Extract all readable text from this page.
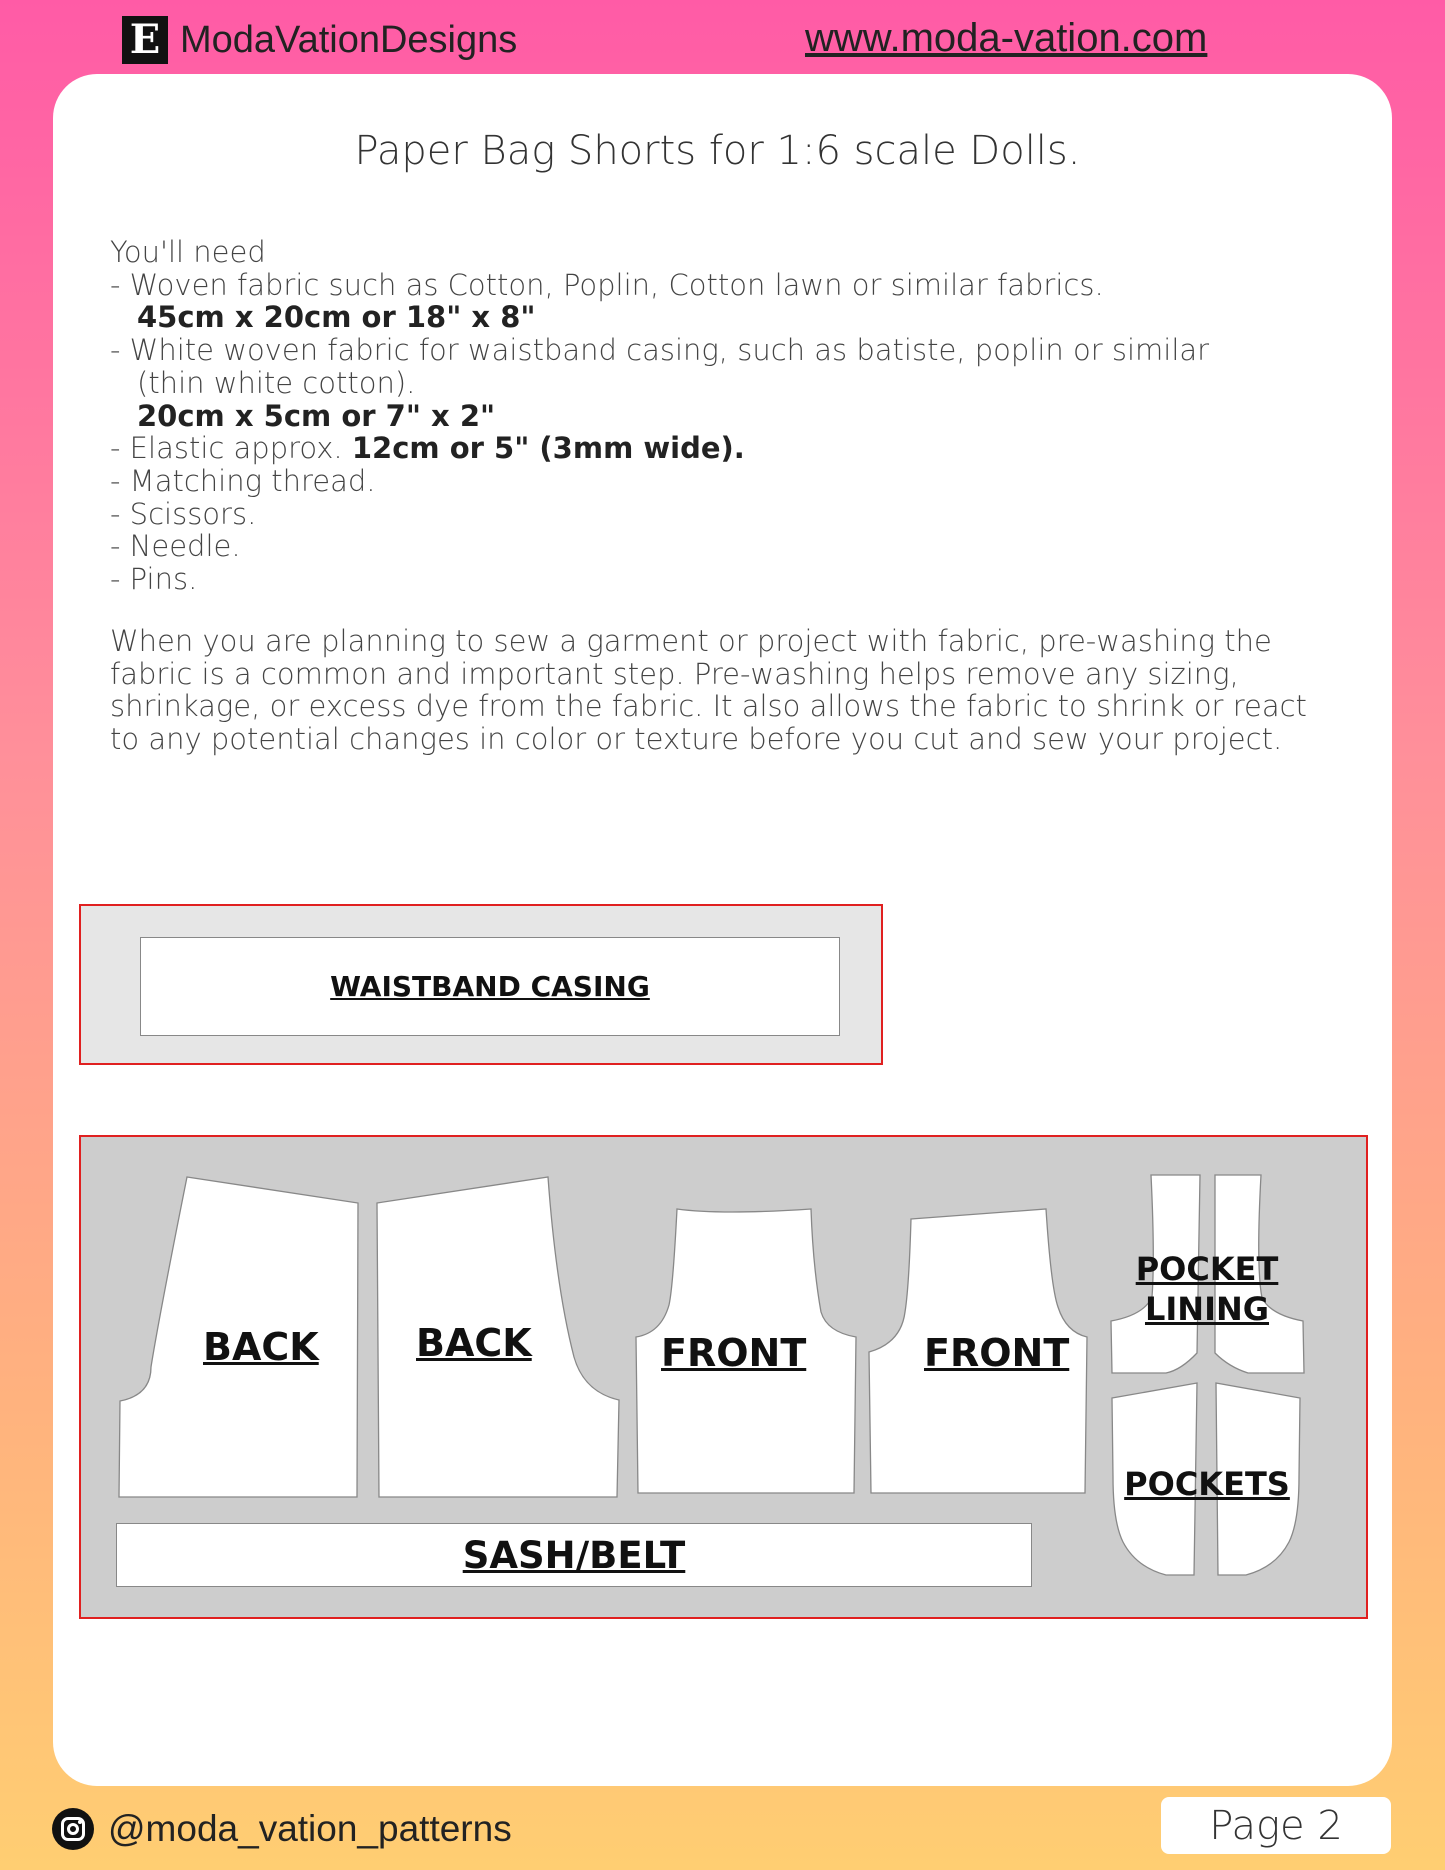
E ModaVationDesigns	www.moda-vation.com
Paper Bag Shorts for 1:6 scale Dolls.
You'll need
- Woven fabric such as Cotton, Poplin, Cotton lawn or similar fabrics.
45cm x 20cm or 18" x 8"
- White woven fabric for waistband casing, such as batiste, poplin or similar
(thin white cotton).
20cm x 5cm or 7" x 2"
- Elastic approx. 12cm or 5" (3mm wide).
- Matching thread.
- Scissors.
- Needle.
- Pins.
When you are planning to sew a garment or project with fabric, pre-washing the
fabric is a common and important step. Pre-washing helps remove any sizing,
shrinkage, or excess dye from the fabric. It also allows the fabric to shrink or react
to any potential changes in color or texture before you cut and sew your project.
WAISTBAND CASING
BACK	BACK	FRONT	FRONT
POCKET
LINING
POCKETS
SASH/BELT
@moda_vation_patterns	Page 2
